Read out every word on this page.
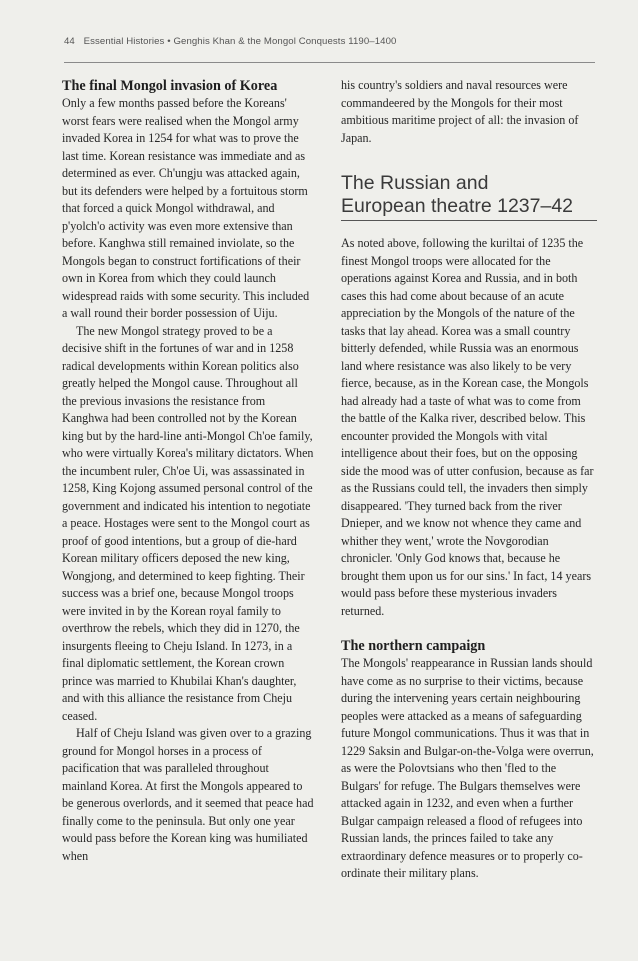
44 Essential Histories • Genghis Khan & the Mongol Conquests 1190–1400
The final Mongol invasion of Korea

Only a few months passed before the Koreans' worst fears were realised when the Mongol army invaded Korea in 1254 for what was to prove the last time. Korean resistance was immediate and as determined as ever. Ch'ungju was attacked again, but its defenders were helped by a fortuitous storm that forced a quick Mongol withdrawal, and p'yolch'o activity was even more extensive than before. Kanghwa still remained inviolate, so the Mongols began to construct fortifications of their own in Korea from which they could launch widespread raids with some security. This included a wall round their border possession of Uiju.

The new Mongol strategy proved to be a decisive shift in the fortunes of war and in 1258 radical developments within Korean politics also greatly helped the Mongol cause. Throughout all the previous invasions the resistance from Kanghwa had been controlled not by the Korean king but by the hard-line anti-Mongol Ch'oe family, who were virtually Korea's military dictators. When the incumbent ruler, Ch'oe Ui, was assassinated in 1258, King Kojong assumed personal control of the government and indicated his intention to negotiate a peace. Hostages were sent to the Mongol court as proof of good intentions, but a group of die-hard Korean military officers deposed the new king, Wongjong, and determined to keep fighting. Their success was a brief one, because Mongol troops were invited in by the Korean royal family to overthrow the rebels, which they did in 1270, the insurgents fleeing to Cheju Island. In 1273, in a final diplomatic settlement, the Korean crown prince was married to Khubilai Khan's daughter, and with this alliance the resistance from Cheju ceased.

Half of Cheju Island was given over to a grazing ground for Mongol horses in a process of pacification that was paralleled throughout mainland Korea. At first the Mongols appeared to be generous overlords, and it seemed that peace had finally come to the peninsula. But only one year would pass before the Korean king was humiliated when

his country's soldiers and naval resources were commandeered by the Mongols for their most ambitious maritime project of all: the invasion of Japan.

The Russian and
European theatre 1237–42

As noted above, following the kuriltai of 1235 the finest Mongol troops were allocated for the operations against Korea and Russia, and in both cases this had come about because of an acute appreciation by the Mongols of the nature of the tasks that lay ahead. Korea was a small country bitterly defended, while Russia was an enormous land where resistance was also likely to be very fierce, because, as in the Korean case, the Mongols had already had a taste of what was to come from the battle of the Kalka river, described below. This encounter provided the Mongols with vital intelligence about their foes, but on the opposing side the mood was of utter confusion, because as far as the Russians could tell, the invaders then simply disappeared. 'They turned back from the river Dnieper, and we know not whence they came and whither they went,' wrote the Novgorodian chronicler. 'Only God knows that, because he brought them upon us for our sins.' In fact, 14 years would pass before these mysterious invaders returned.

The northern campaign

The Mongols' reappearance in Russian lands should have come as no surprise to their victims, because during the intervening years certain neighbouring peoples were attacked as a means of safeguarding future Mongol communications. Thus it was that in 1229 Saksin and Bulgar-on-the-Volga were overrun, as were the Polovtsians who then 'fled to the Bulgars' for refuge. The Bulgars themselves were attacked again in 1232, and even when a further Bulgar campaign released a flood of refugees into Russian lands, the princes failed to take any extraordinary defence measures or to properly co-ordinate their military plans.
